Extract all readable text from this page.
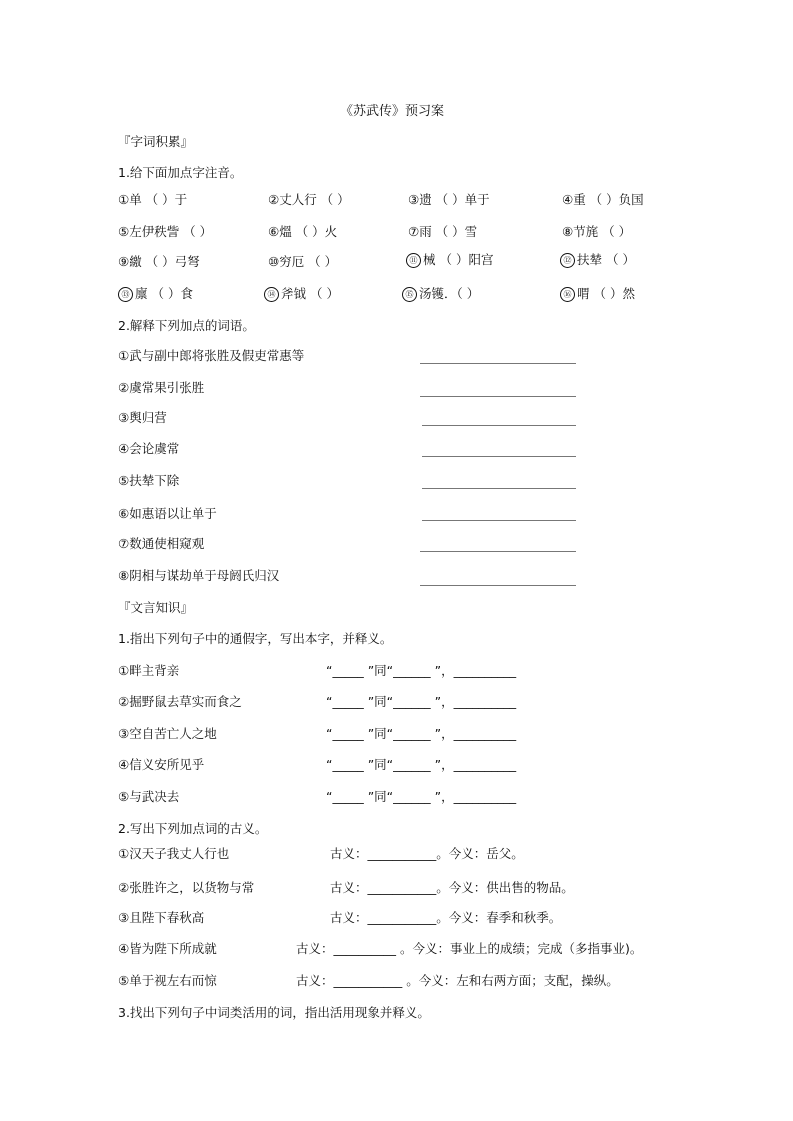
《苏武传》预习案
『字词积累』
1.给下面加点字注音。
①单 （ ）于	②丈人行 （ ）	③遗 （ ）单于	④重 （ ）负国
⑤左伊秩訾 （ ）	⑥熅 （ ）火	⑦雨 （ ）雪	⑧节旄 （ ）
⑨繳 （ ）弓弩	⑩穷厄 （ ）	⑪ 械 （ ）阳宫	⑫ 扶辇 （ ）
⑬ 廪 （ ）食	⑭ 斧钺 （ ）	⑮ 汤镬．（ ）	⑯ 喟 （ ）然
2.解释下列加点的词语。
①武与副中郎将张胜及假吏常惠等
②虞常果引张胜
③舆归营
④会论虞常
⑤扶辇下除
⑥如惠语以让单于
⑦数通使相窥观
⑧阴相与谋劫单于母阏氏归汉
『文言知识』
1.指出下列句子中的通假字，写出本字，并释义。
①畔主背亲	“_____ ”同“______ ”，__________
②掘野鼠去草实而食之	“_____ ”同“______ ”，__________
③空自苦亡人之地	“_____ ”同“______ ”，__________
④信义安所见乎	“_____ ”同“______ ”，__________
⑤与武决去	“_____ ”同“______ ”，__________
2.写出下列加点词的古义。
①汉天子我丈人行也	古义：___________。今义：岳父。
②张胜许之，以货物与常	古义：___________。今义：供出售的物品。
③且陛下春秋高	古义：___________。今义：春季和秋季。
④皆为陛下所成就	古义：__________ 。今义：事业上的成绩；完成（多指事业)。
⑤单于视左右而惊	古义：___________ 。今义：左和右两方面；支配，操纵。
3.找出下列句子中词类活用的词，指出活用现象并释义。
